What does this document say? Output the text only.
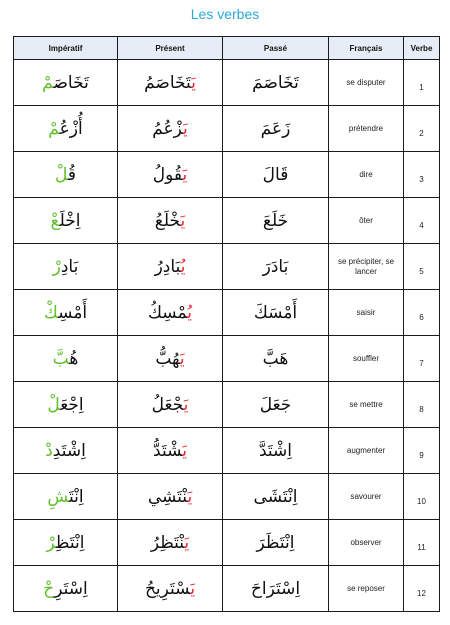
Les verbes
Impératif	Présent	Passé	Français	Verbe
تَخَاصَمْ	يَتَخَاصَمُ	تَخَاصَمَ	se disputer	1
أُزْعُمْ	يَزْعُمُ	زَعَمَ	prétendre	2
قُلْ	يَقُولُ	قَالَ	dire	3
اِخْلَعْ	يَخْلَعُ	خَلَعَ	ôter	4
بَادِرْ	يُبَادِرُ	بَادَرَ	se précipiter, se lancer	5
أَمْسِكْ	يُمْسِكُ	أَمْسَكَ	saisir	6
هُبَّ	يَهُبُّ	هَبَّ	souffler	7
اِجْعَلْ	يَجْعَلُ	جَعَلَ	se mettre	8
اِشْتَدِدْ	يَشْتَدُّ	اِشْتَدَّ	augmenter	9
اِنْتَشِ	يَنْتَشِي	اِنْتَشَى	savourer	10
اِنْتَظِرْ	يَنْتَظِرُ	اِنْتَظَرَ	observer	11
اِسْتَرِحْ	يَسْتَرِيحُ	اِسْتَرَاحَ	se reposer	12
